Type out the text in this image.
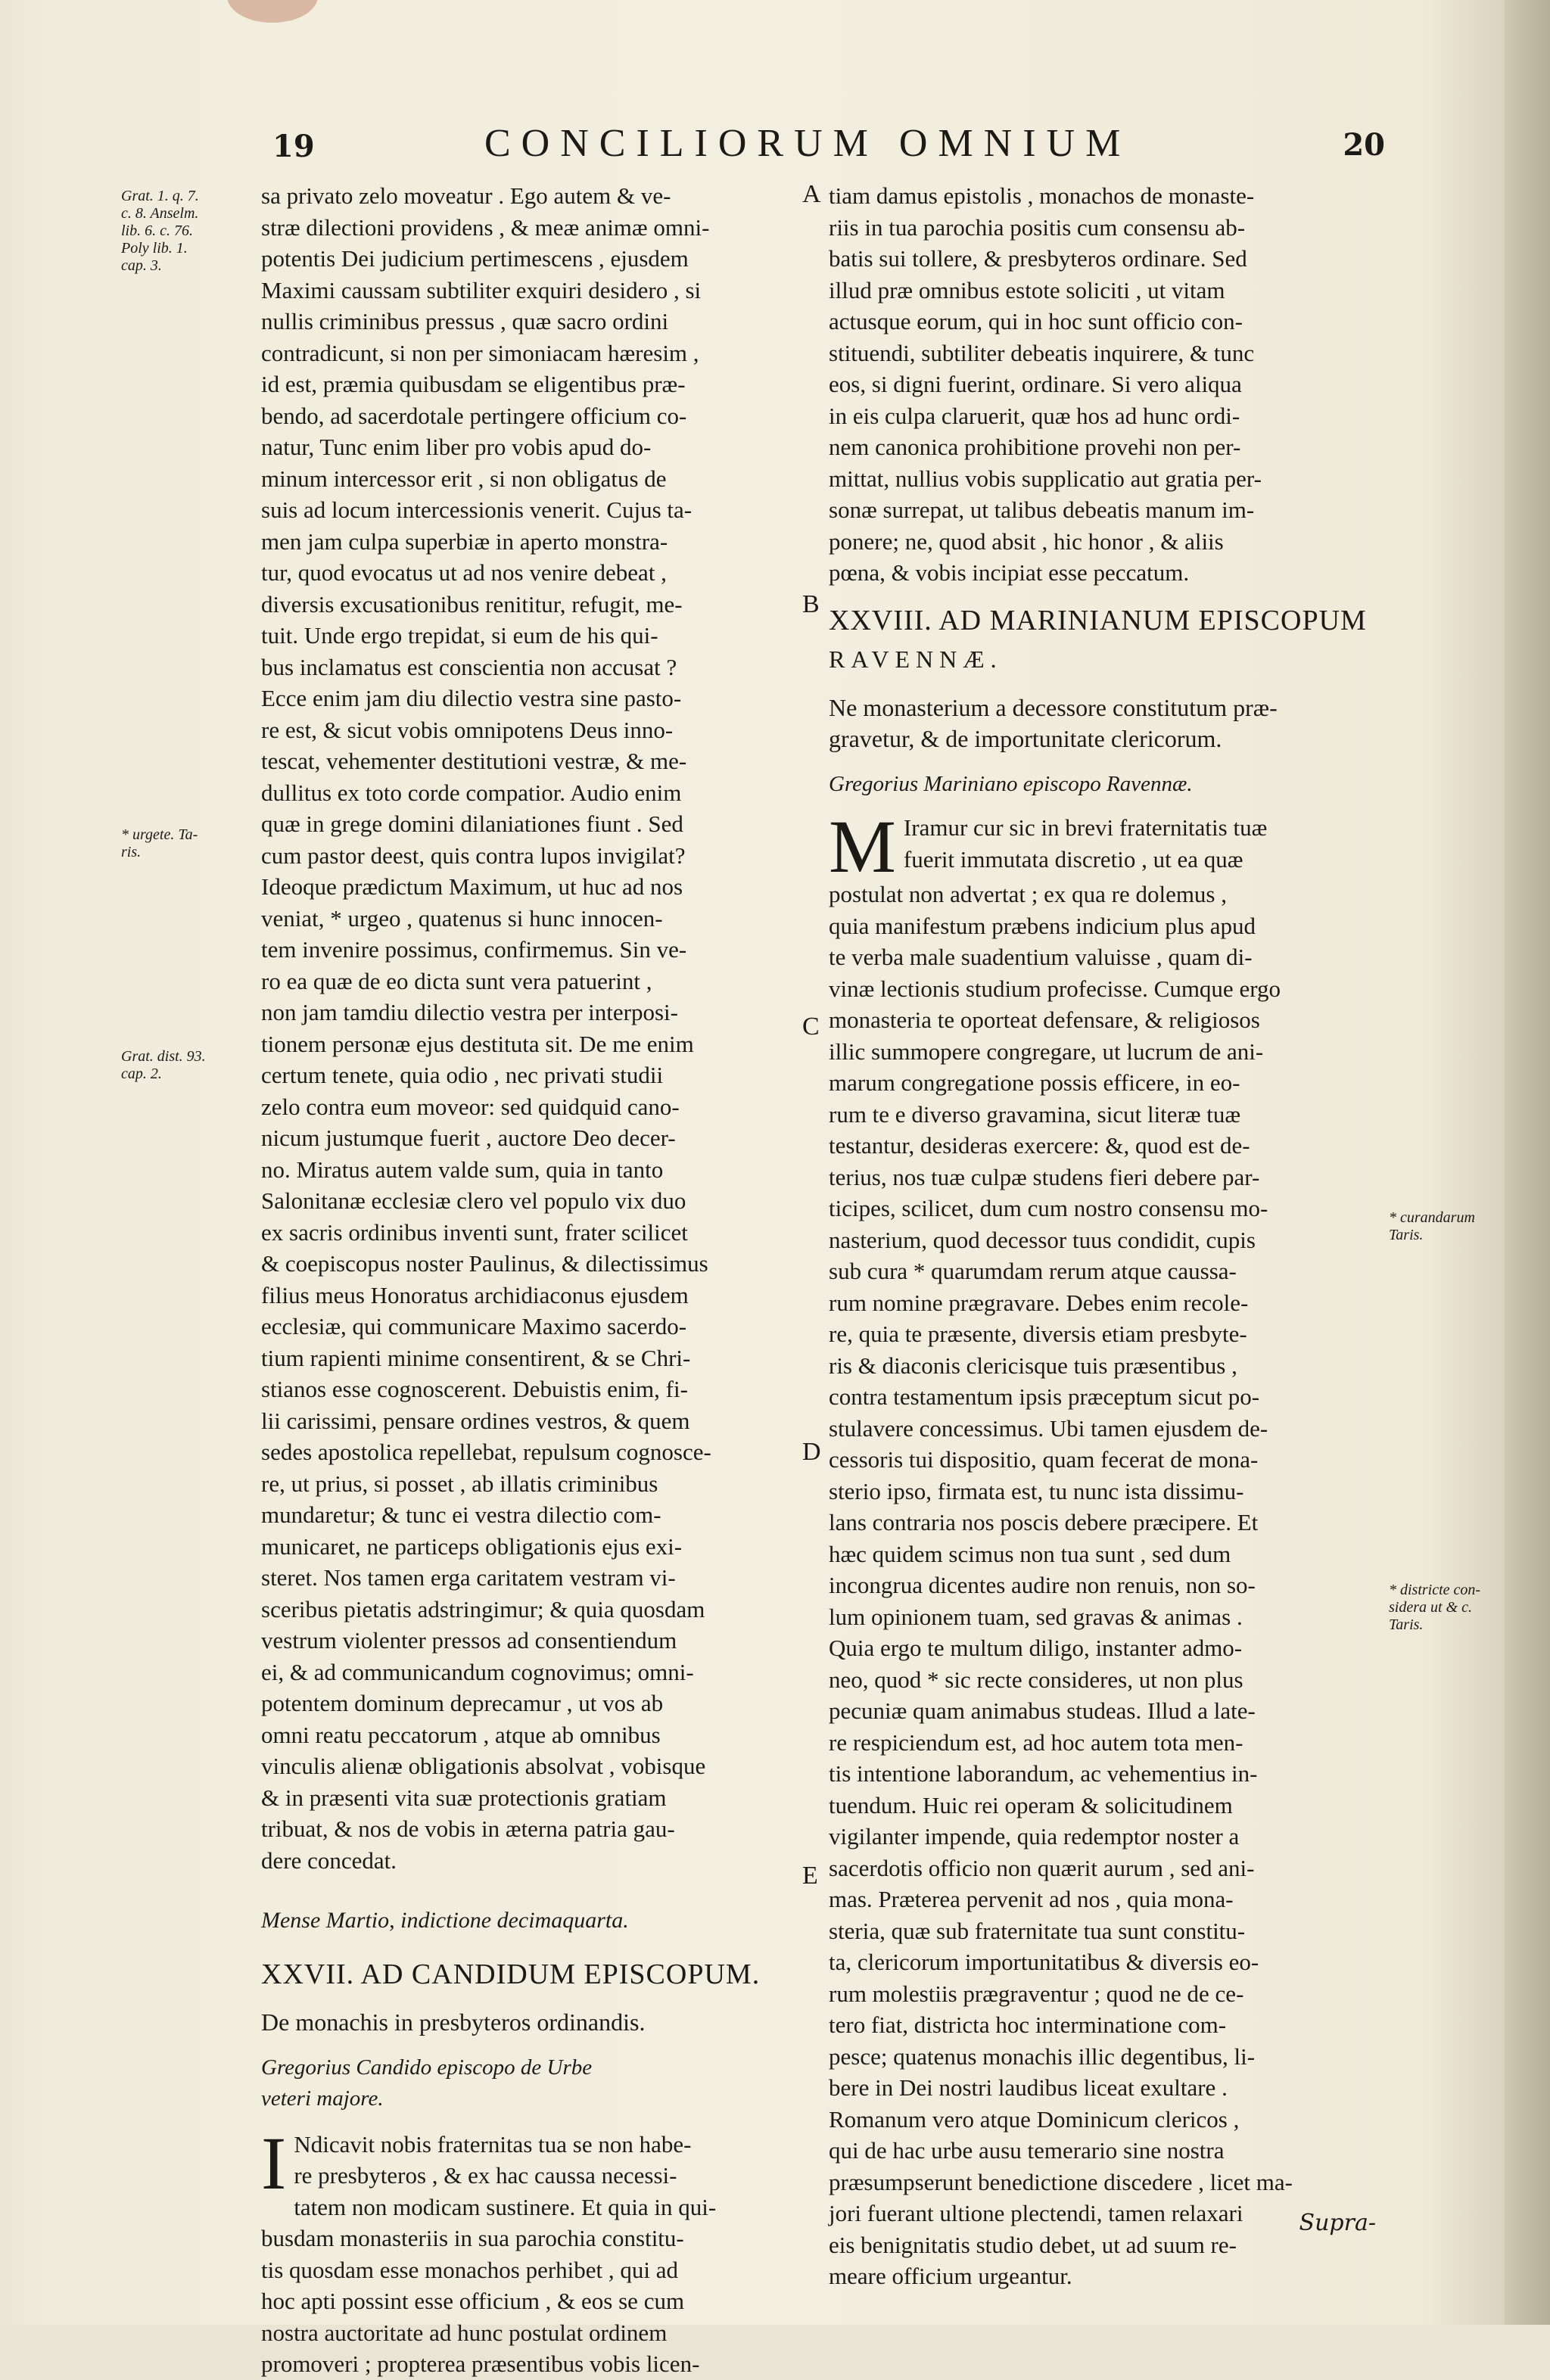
19	CONCILIORUM OMNIUM	20
sa privato zelo moveatur . Ego autem & ve-
stræ dilectioni providens , & meæ animæ omni-
potentis Dei judicium pertimescens , ejusdem
Maximi caussam subtiliter exquiri desidero , si
nullis criminibus pressus , quæ sacro ordini
contradicunt, si non per simoniacam hæresim ,
id est, præmia quibusdam se eligentibus præ-
bendo, ad sacerdotale pertingere officium co-
natur, Tunc enim liber pro vobis apud do-
minum intercessor erit , si non obligatus de
suis ad locum intercessionis venerit. Cujus ta-
men jam culpa superbiæ in aperto monstra-
tur, quod evocatus ut ad nos venire debeat ,
diversis excusationibus renititur, refugit, me-
tuit. Unde ergo trepidat, si eum de his qui-
bus inclamatus est conscientia non accusat ?
Ecce enim jam diu dilectio vestra sine pasto-
re est, & sicut vobis omnipotens Deus inno-
tescat, vehementer destitutioni vestræ, & me-
dullitus ex toto corde compatior. Audio enim
quæ in grege domini dilaniationes fiunt . Sed
cum pastor deest, quis contra lupos invigilat?
Ideoque prædictum Maximum, ut huc ad nos
veniat, * urgeo , quatenus si hunc innocen-
tem invenire possimus, confirmemus. Sin ve-
ro ea quæ de eo dicta sunt vera patuerint ,
non jam tamdiu dilectio vestra per interposi-
tionem personæ ejus destituta sit. De me enim
certum tenete, quia odio , nec privati studii
zelo contra eum moveor: sed quidquid cano-
nicum justumque fuerit , auctore Deo decer-
no. Miratus autem valde sum, quia in tanto
Salonitanæ ecclesiæ clero vel populo vix duo
ex sacris ordinibus inventi sunt, frater scilicet
& coepiscopus noster Paulinus, & dilectissimus
filius meus Honoratus archidiaconus ejusdem
ecclesiæ, qui communicare Maximo sacerdo-
tium rapienti minime consentirent, & se Chri-
stianos esse cognoscerent. Debuistis enim, fi-
lii carissimi, pensare ordines vestros, & quem
sedes apostolica repellebat, repulsum cognosce-
re, ut prius, si posset , ab illatis criminibus
mundaretur; & tunc ei vestra dilectio com-
municaret, ne particeps obligationis ejus exi-
steret. Nos tamen erga caritatem vestram vi-
sceribus pietatis adstringimur; & quia quosdam
vestrum violenter pressos ad consentiendum
ei, & ad communicandum cognovimus; omni-
potentem dominum deprecamur , ut vos ab
omni reatu peccatorum , atque ab omnibus
vinculis alienæ obligationis absolvat , vobisque
& in præsenti vita suæ protectionis gratiam
tribuat, & nos de vobis in æterna patria gau-
dere concedat.

Mense Martio, indictione decimaquarta.

XXVII. AD CANDIDUM EPISCOPUM.

De monachis in presbyteros ordinandis.

Gregorius Candido episcopo de Urbe

veteri majore.

I Ndicavit nobis fraternitas tua se non habe-
re presbyteros , & ex hac caussa necessi-
tatem non modicam sustinere. Et quia in qui-
busdam monasteriis in sua parochia constitu-
tis quosdam esse monachos perhibet , qui ad
hoc apti possint esse officium , & eos se cum
nostra auctoritate ad hunc postulat ordinem
promoveri ; propterea præsentibus vobis licen-
tiam damus epistolis , monachos de monaste-
riis in tua parochia positis cum consensu ab-
batis sui tollere, & presbyteros ordinare. Sed
illud præ omnibus estote soliciti , ut vitam
actusque eorum, qui in hoc sunt officio con-
stituendi, subtiliter debeatis inquirere, & tunc
eos, si digni fuerint, ordinare. Si vero aliqua
in eis culpa claruerit, quæ hos ad hunc ordi-
nem canonica prohibitione provehi non per-
mittat, nullius vobis supplicatio aut gratia per-
sonæ surrepat, ut talibus debeatis manum im-
ponere; ne, quod absit , hic honor , & aliis
pœna, & vobis incipiat esse peccatum.

XXVIII. AD MARINIANUM EPISCOPUM

RAVENNÆ.

Ne monasterium a decessore constitutum præ-

gravetur, & de importunitate clericorum.

Gregorius Mariniano episcopo Ravennæ.

M Iramur cur sic in brevi fraternitatis tuæ
fuerit immutata discretio , ut ea quæ
postulat non advertat ; ex qua re dolemus ,
quia manifestum præbens indicium plus apud
te verba male suadentium valuisse , quam di-
vinæ lectionis studium profecisse. Cumque ergo
monasteria te oporteat defensare, & religiosos
illic summopere congregare, ut lucrum de ani-
marum congregatione possis efficere, in eo-
rum te e diverso gravamina, sicut literæ tuæ
testantur, desideras exercere: &, quod est de-
terius, nos tuæ culpæ studens fieri debere par-
ticipes, scilicet, dum cum nostro consensu mo-
nasterium, quod decessor tuus condidit, cupis
sub cura * quarumdam rerum atque caussa-
rum nomine prægravare. Debes enim recole-
re, quia te præsente, diversis etiam presbyte-
ris & diaconis clericisque tuis præsentibus ,
contra testamentum ipsis præceptum sicut po-
stulavere concessimus. Ubi tamen ejusdem de-
cessoris tui dispositio, quam fecerat de mona-
sterio ipso, firmata est, tu nunc ista dissimu-
lans contraria nos poscis debere præcipere. Et
hæc quidem scimus non tua sunt , sed dum
incongrua dicentes audire non renuis, non so-
lum opinionem tuam, sed gravas & animas .
Quia ergo te multum diligo, instanter admo-
neo, quod * sic recte consideres, ut non plus
pecuniæ quam animabus studeas. Illud a late-
re respiciendum est, ad hoc autem tota men-
tis intentione laborandum, ac vehementius in-
tuendum. Huic rei operam & solicitudinem
vigilanter impende, quia redemptor noster a
sacerdotis officio non quærit aurum , sed ani-
mas. Præterea pervenit ad nos , quia mona-
steria, quæ sub fraternitate tua sunt constitu-
ta, clericorum importunitatibus & diversis eo-
rum molestiis prægraventur ; quod ne de ce-
tero fiat, districta hoc interminatione com-
pesce; quatenus monachis illic degentibus, li-
bere in Dei nostri laudibus liceat exultare .
Romanum vero atque Dominicum clericos ,
qui de hac urbe ausu temerario sine nostra
præsumpserunt benedictione discedere , licet ma-
jori fuerant ultione plectendi, tamen relaxari
eis benignitatis studio debet, ut ad suum re-
meare officium urgeantur.
Grat. 1. q. 7.
c. 8. Anselm.
lib. 6. c. 76.
Poly lib. 1.
cap. 3.
* urgete. Ta-
ris.
Grat. dist. 93.
cap. 2.
* curandarum
Taris.
* districte con-
sidera ut & c.
Taris.
A
B
C
D
E
Supra-
